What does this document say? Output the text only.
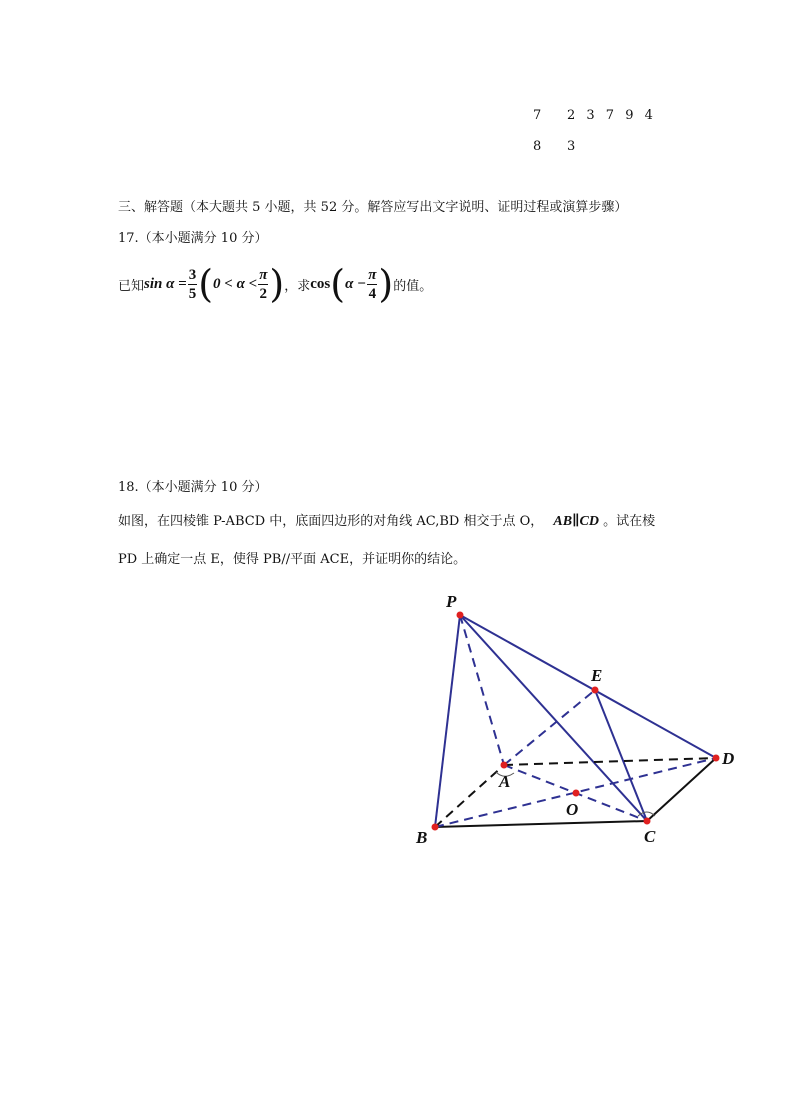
7 2 3 7 9 4
8 3
三、解答题（本大题共 5 小题，共 52 分。解答应写出文字说明、证明过程或演算步骤）
17.（本小题满分 10 分）
已知 $\sin \alpha = \frac{3}{5}$ ( $0 < \alpha < \frac{\pi}{2}$ ) ，求 cos ( $\alpha - \frac{\pi}{4}$ ) 的值。
18.（本小题满分 10 分）
如图，在四棱锥 P-ABCD 中，底面四边形的对角线 AC,BD 相交于点 O， AB∥CD 。试在棱
PD 上确定一点 E，使得 PB//平面 ACE，并证明你的结论。
P
E
A
B	C
D
O
